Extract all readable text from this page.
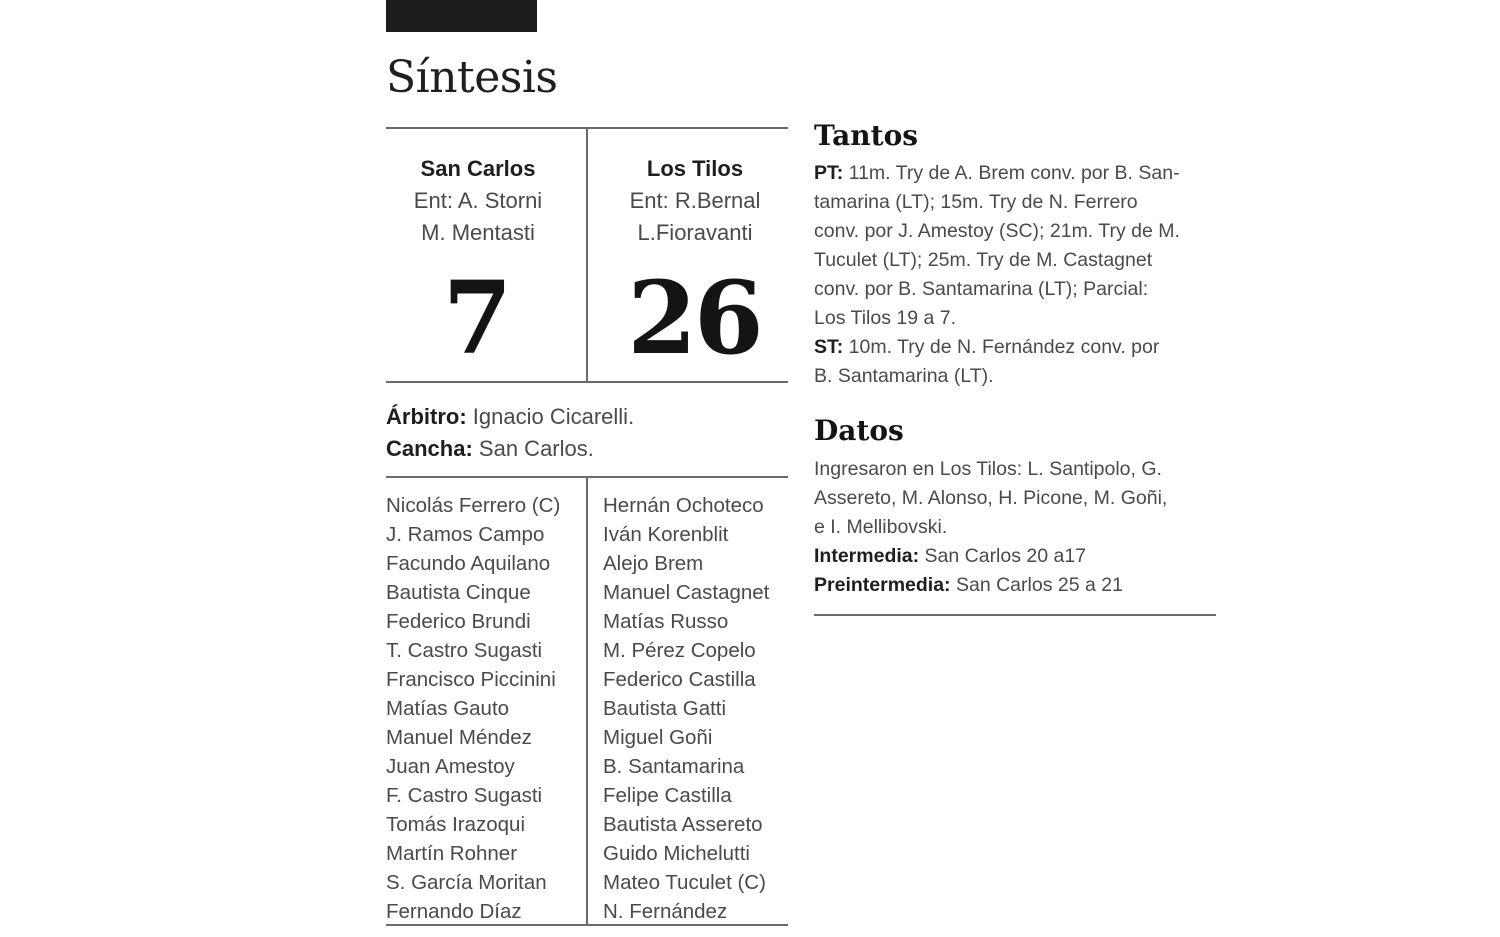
Síntesis
San Carlos
Ent: A. Storni
M. Mentasti
7
Los Tilos
Ent: R.Bernal
L.Fioravanti
26
Árbitro: Ignacio Cicarelli.
Cancha: San Carlos.
Nicolás Ferrero (C)
J. Ramos Campo
Facundo Aquilano
Bautista Cinque
Federico Brundi
T. Castro Sugasti
Francisco Piccinini
Matías Gauto
Manuel Méndez
Juan Amestoy
F. Castro Sugasti
Tomás Irazoqui
Martín Rohner
S. García Moritan
Fernando Díaz
Hernán Ochoteco
Iván Korenblit
Alejo Brem
Manuel Castagnet
Matías Russo
M. Pérez Copelo
Federico Castilla
Bautista Gatti
Miguel Goñi
B. Santamarina
Felipe Castilla
Bautista Assereto
Guido Michelutti
Mateo Tuculet (C)
N. Fernández
Tantos
PT: 11m. Try de A. Brem conv. por B. San-
tamarina (LT); 15m. Try de N. Ferrero
conv. por J. Amestoy (SC); 21m. Try de M.
Tuculet (LT); 25m. Try de M. Castagnet
conv. por B. Santamarina (LT); Parcial:
Los Tilos 19 a 7.
ST: 10m. Try de N. Fernández conv. por
B. Santamarina (LT).
Datos
Ingresaron en Los Tilos: L. Santipolo, G.
Assereto, M. Alonso, H. Picone, M. Goñi,
e I. Mellibovski.
Intermedia: San Carlos 20 a17
Preintermedia: San Carlos 25 a 21
